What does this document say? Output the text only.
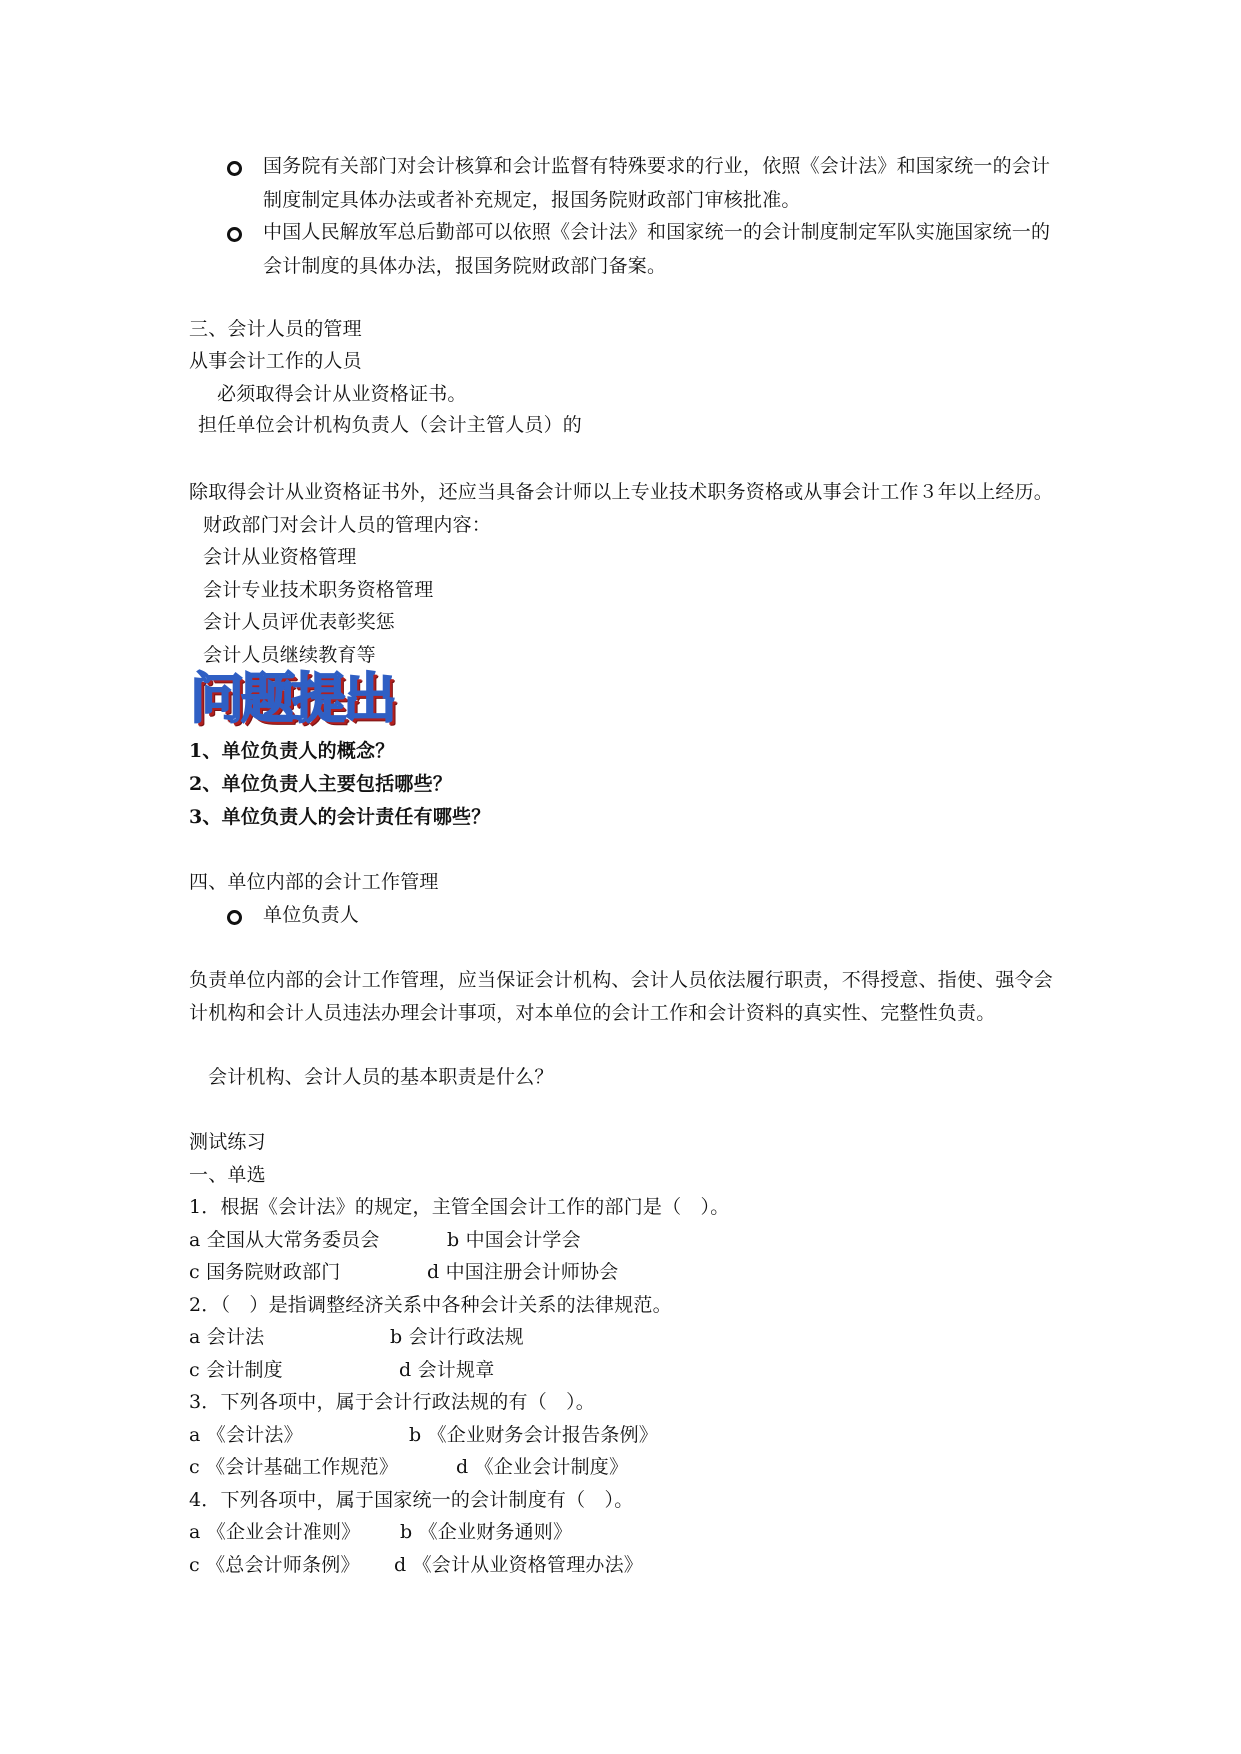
国务院有关部门对会计核算和会计监督有特殊要求的行业，依照《会计法》和国家统一的会计
制度制定具体办法或者补充规定，报国务院财政部门审核批准。
中国人民解放军总后勤部可以依照《会计法》和国家统一的会计制度制定军队实施国家统一的
会计制度的具体办法，报国务院财政部门备案。
三、会计人员的管理
从事会计工作的人员
必须取得会计从业资格证书。
担任单位会计机构负责人（会计主管人员）的
除取得会计从业资格证书外，还应当具备会计师以上专业技术职务资格或从事会计工作３年以上经历。
财政部门对会计人员的管理内容：
会计从业资格管理
会计专业技术职务资格管理
会计人员评优表彰奖惩
会计人员继续教育等
问题提出
1、单位负责人的概念？
2、单位负责人主要包括哪些？
3、单位负责人的会计责任有哪些？
四、单位内部的会计工作管理
单位负责人
负责单位内部的会计工作管理，应当保证会计机构、会计人员依法履行职责，不得授意、指使、强令会
计机构和会计人员违法办理会计事项，对本单位的会计工作和会计资料的真实性、完整性负责。
会计机构、会计人员的基本职责是什么？
测试练习
一、单选
1．根据《会计法》的规定，主管全国会计工作的部门是（　）。
a 全国从大常务委员会	b 中国会计学会
c 国务院财政部门	d 中国注册会计师协会
2．（　）是指调整经济关系中各种会计关系的法律规范。
a 会计法	b 会计行政法规
c 会计制度	d 会计规章
3．下列各项中，属于会计行政法规的有（　）。
a 《会计法》	b 《企业财务会计报告条例》
c 《会计基础工作规范》	d 《企业会计制度》
4．下列各项中，属于国家统一的会计制度有（　）。
a 《企业会计准则》 b 《企业财务通则》
c 《总会计师条例》 d 《会计从业资格管理办法》
